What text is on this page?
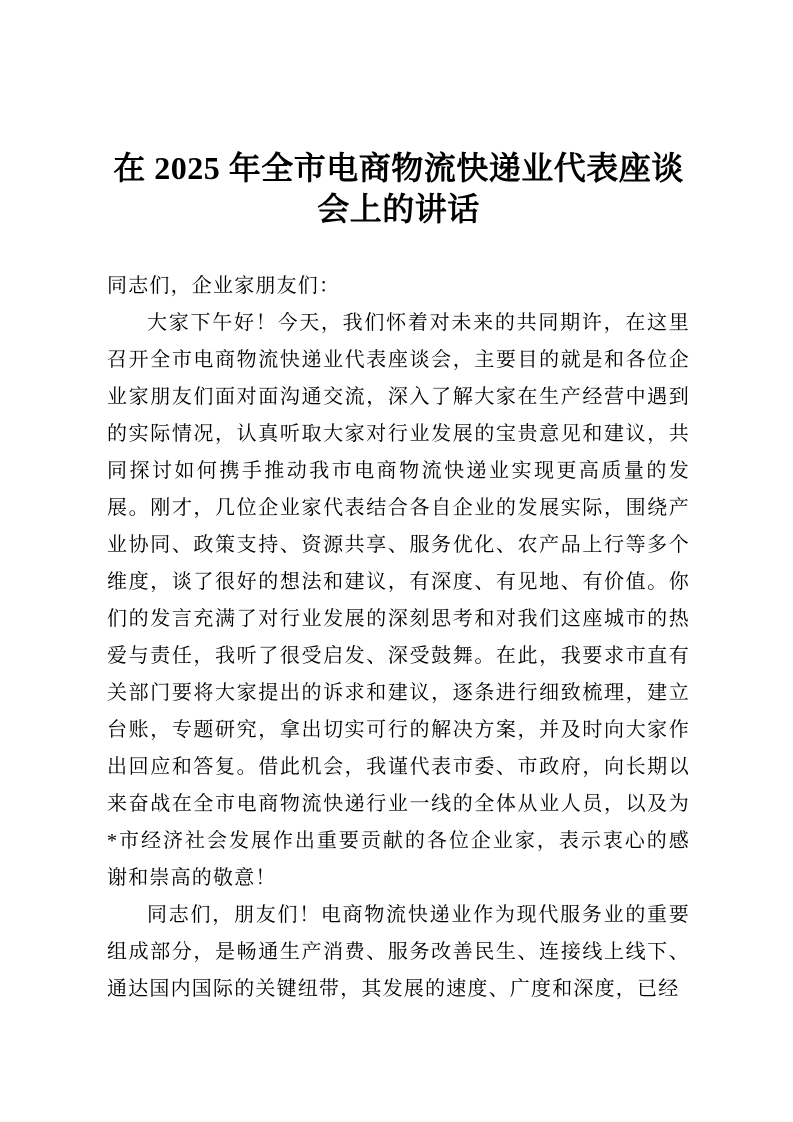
在 2025 年全市电商物流快递业代表座谈
会上的讲话

同志们，企业家朋友们：

大家下午好！今天，我们怀着对未来的共同期许，在这里召开全市电商物流快递业代表座谈会，主要目的就是和各位企业家朋友们面对面沟通交流，深入了解大家在生产经营中遇到的实际情况，认真听取大家对行业发展的宝贵意见和建议，共同探讨如何携手推动我市电商物流快递业实现更高质量的发展。刚才，几位企业家代表结合各自企业的发展实际，围绕产业协同、政策支持、资源共享、服务优化、农产品上行等多个维度，谈了很好的想法和建议，有深度、有见地、有价值。你们的发言充满了对行业发展的深刻思考和对我们这座城市的热爱与责任，我听了很受启发、深受鼓舞。在此，我要求市直有关部门要将大家提出的诉求和建议，逐条进行细致梳理，建立台账，专题研究，拿出切实可行的解决方案，并及时向大家作出回应和答复。借此机会，我谨代表市委、市政府，向长期以来奋战在全市电商物流快递行业一线的全体从业人员，以及为*市经济社会发展作出重要贡献的各位企业家，表示衷心的感谢和崇高的敬意！

同志们，朋友们！电商物流快递业作为现代服务业的重要组成部分，是畅通生产消费、服务改善民生、连接线上线下、通达国内国际的关键纽带，其发展的速度、广度和深度，已经
